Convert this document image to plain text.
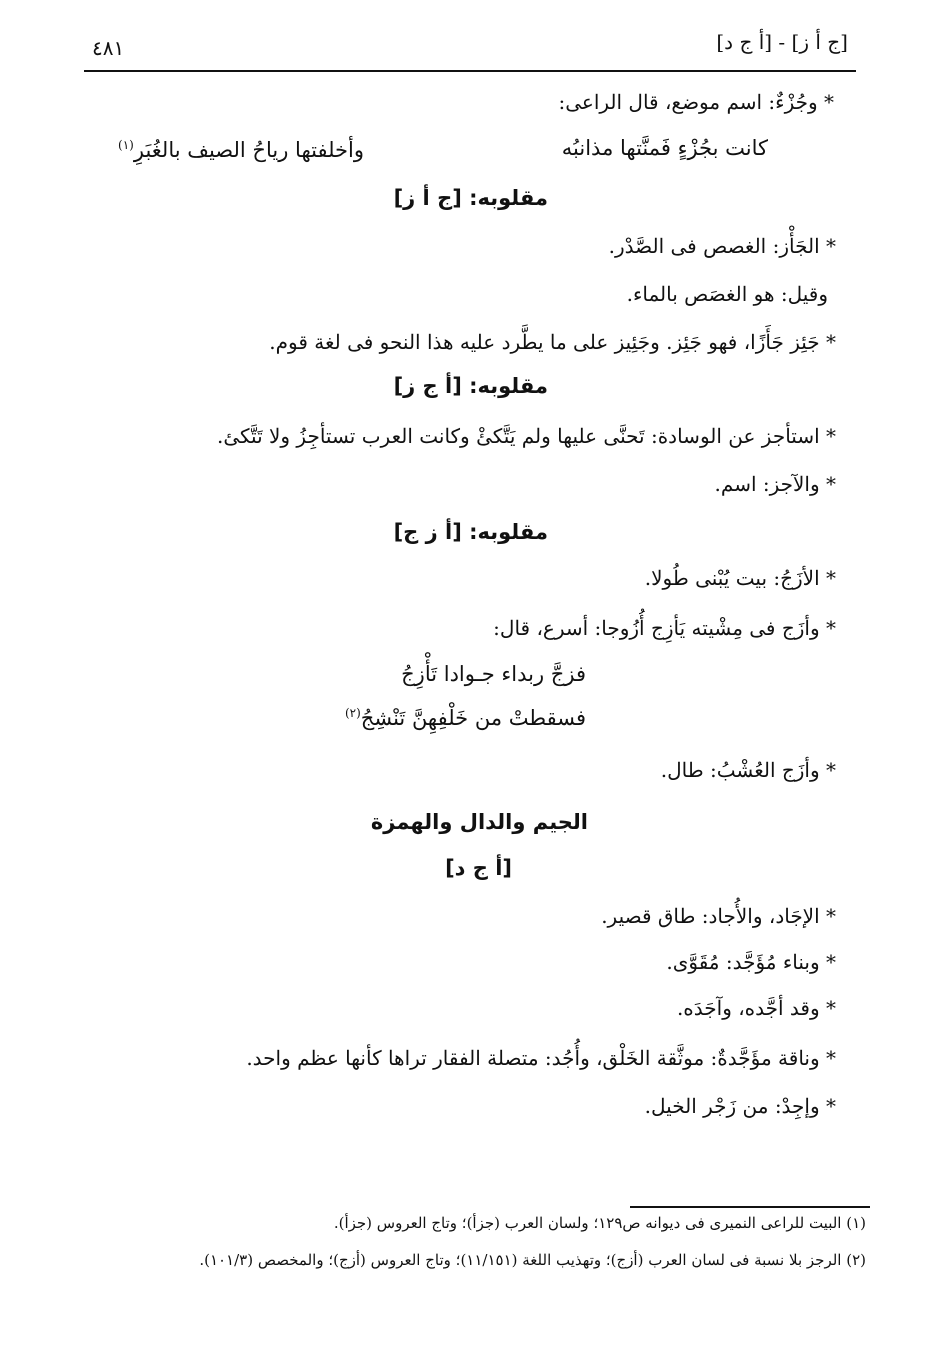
٤٨١	[ج أ ز] - [أ ج د]
* وجُزْءٌ: اسم موضع، قال الراعى:
كانت بجُزْءٍ فَمنَّتها مذانبُه
وأخلفتها رياحُ الصيف بالغُبَرِ$^{(١)}$
مقلوبه: [ج أ ز]
* الجَأْز: الغصص فى الصَّدْر.
وقيل: هو الغصَص بالماء.
* جَئِز جَأَزًا، فهو جَئِز. وجَئِيز على ما يطَّرد عليه هذا النحو فى لغة قوم.
مقلوبه: [أ ج ز]
* استأجز عن الوسادة: تَحنَّى عليها ولم يَتَّكئْ وكانت العرب تستأجِزُ ولا تَتَّكئ.
* والآجز: اسم.
مقلوبه: [أ ز ج]
* الأزَجُ: بيت يُبْنى طُولا.
* وأزَج فى مِشْيته يَأزِج أُزُوجا: أسرع، قال:
فزجَّ ربداء جـوادا تَأْزِجُ
فسقطتْ من خَلْفِهِنَّ تَنْشِجُ$^{(٢)}$
* وأزَج العُشْبُ: طال.
الجيم والدال والهمزة
[أ ج د]
* الإجَاد، والأُجاد: طاق قصير.
* وبناء مُؤَجَّد: مُقَوَّى.
* وقد أجَّده، وآجَدَه.
* وناقة مؤَجَّدةٌ: موثَّقة الخَلْق، وأُجُد: متصلة الفقار تراها كأنها عظم واحد.
* وإجِدْ: من زَجْر الخيل.
(١) البيت للراعى النميرى فى ديوانه ص١٢٩؛ ولسان العرب (جزأ)؛ وتاج العروس (جزأ).
(٢) الرجز بلا نسبة فى لسان العرب (أزج)؛ وتهذيب اللغة (١١/١٥١)؛ وتاج العروس (أزج)؛ والمخصص (١٠١/٣).
